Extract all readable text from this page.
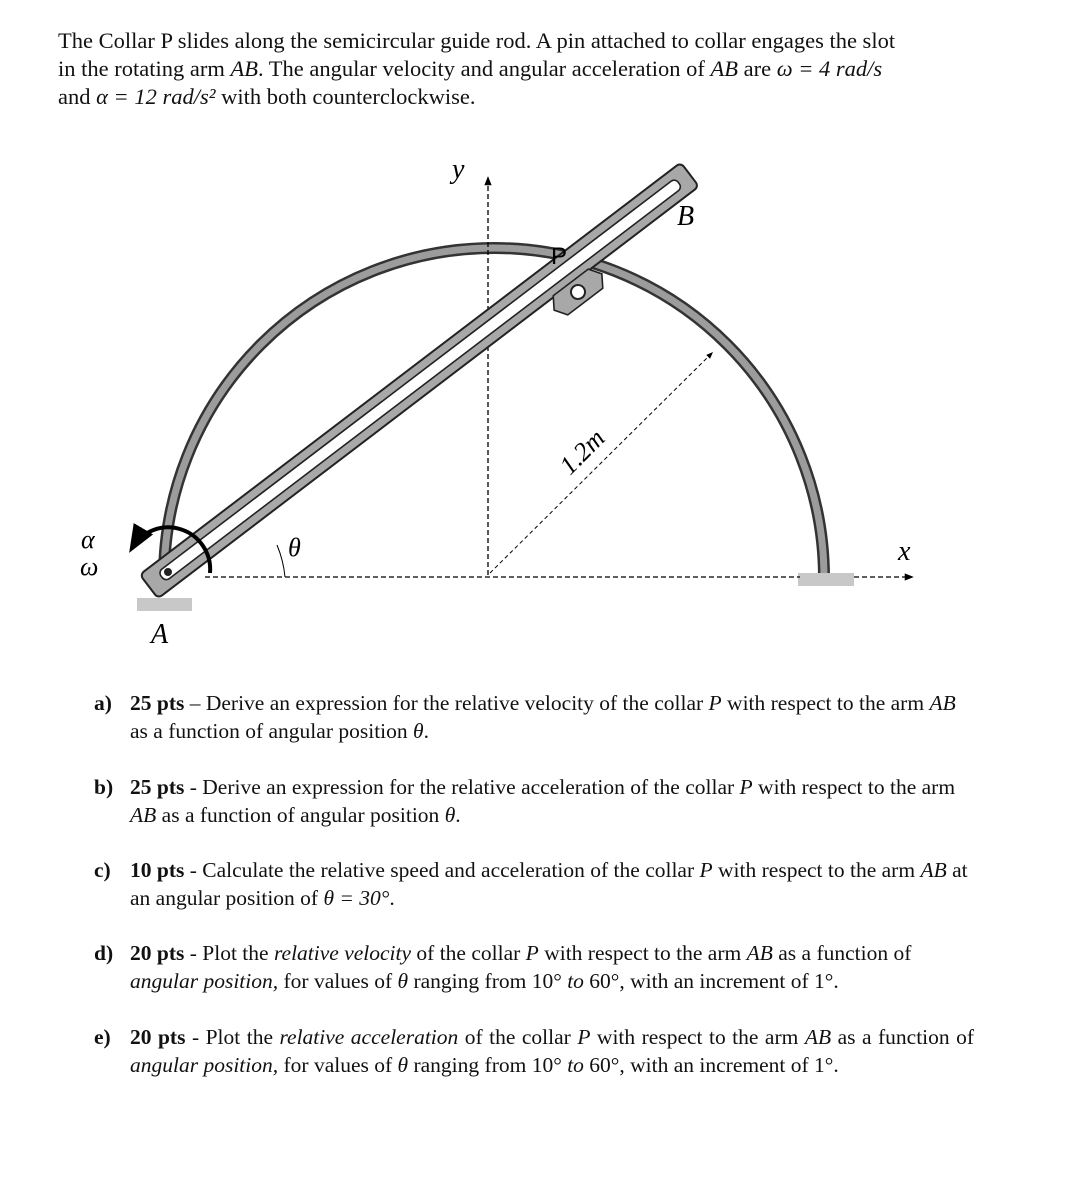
The Collar P slides along the semicircular guide rod. A pin attached to collar engages the slot
in the rotating arm AB. The angular velocity and angular acceleration of AB are ω = 4 rad/s
and α = 12 rad/s² with both counterclockwise.
y
x
B
P
A
θ
α
ω
1.2m
a) 25 pts – Derive an expression for the relative velocity of the collar P with respect to the arm AB as a function of angular position θ.
b) 25 pts - Derive an expression for the relative acceleration of the collar P with respect to the arm AB as a function of angular position θ.
c) 10 pts - Calculate the relative speed and acceleration of the collar P with respect to the arm AB at an angular position of θ = 30°.
d) 20 pts - Plot the relative velocity of the collar P with respect to the arm AB as a function of angular position, for values of θ ranging from 10° to 60°, with an increment of 1°.
e) 20 pts - Plot the relative acceleration of the collar P with respect to the arm AB as a function of angular position, for values of θ ranging from 10° to 60°, with an increment of 1°.
